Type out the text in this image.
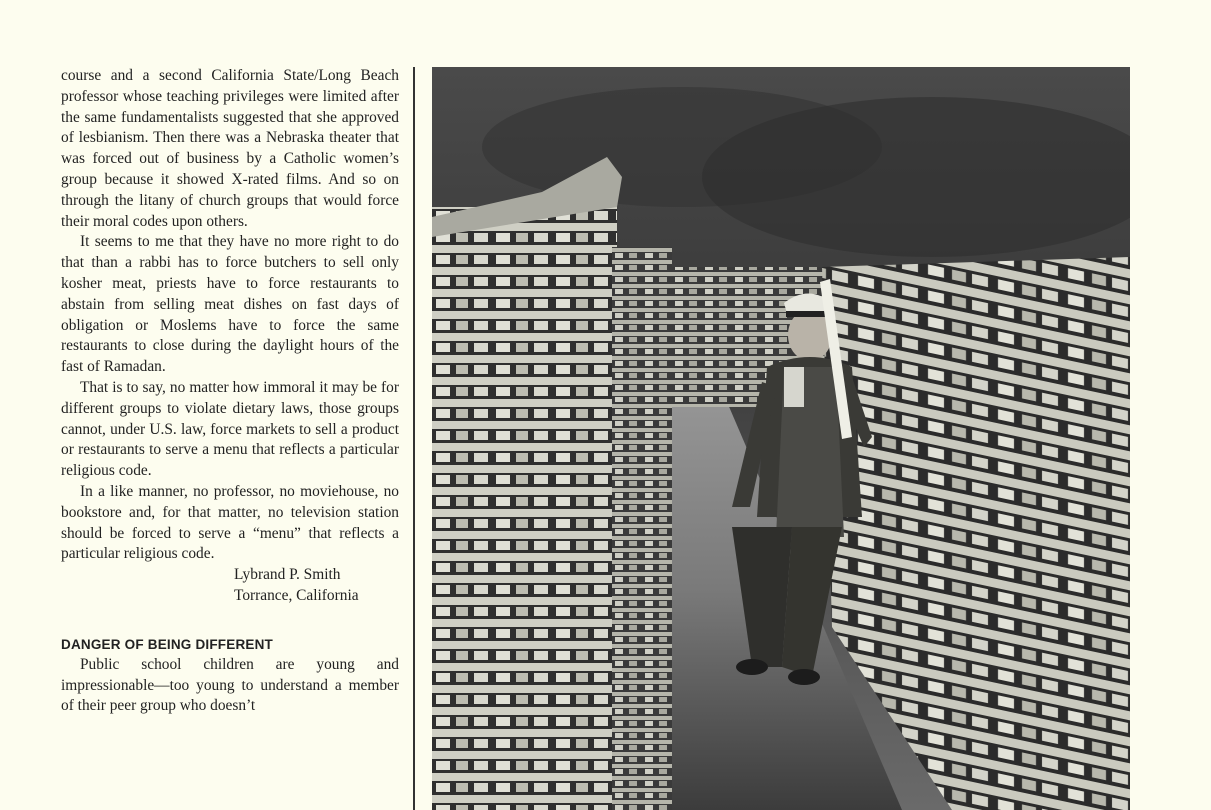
course and a second California State/Long Beach professor whose teaching privileges were limited after the same fundamentalists suggested that she approved of lesbianism. Then there was a Nebraska theater that was forced out of business by a Catholic women’s group because it showed X-rated films. And so on through the litany of church groups that would force their moral codes upon others.

It seems to me that they have no more right to do that than a rabbi has to force butchers to sell only kosher meat, priests have to force restaurants to abstain from selling meat dishes on fast days of obligation or Moslems have to force the same restaurants to close during the daylight hours of the fast of Ramadan.

That is to say, no matter how immoral it may be for different groups to violate dietary laws, those groups cannot, under U.S. law, force markets to sell a product or restaurants to serve a menu that reflects a particular religious code.

In a like manner, no professor, no moviehouse, no bookstore and, for that matter, no television station should be forced to serve a “menu” that reflects a particular religious code.

Lybrand P. Smith
Torrance, California
DANGER OF BEING DIFFERENT

Public school children are young and impressionable—too young to understand a member of their peer group who doesn’t
